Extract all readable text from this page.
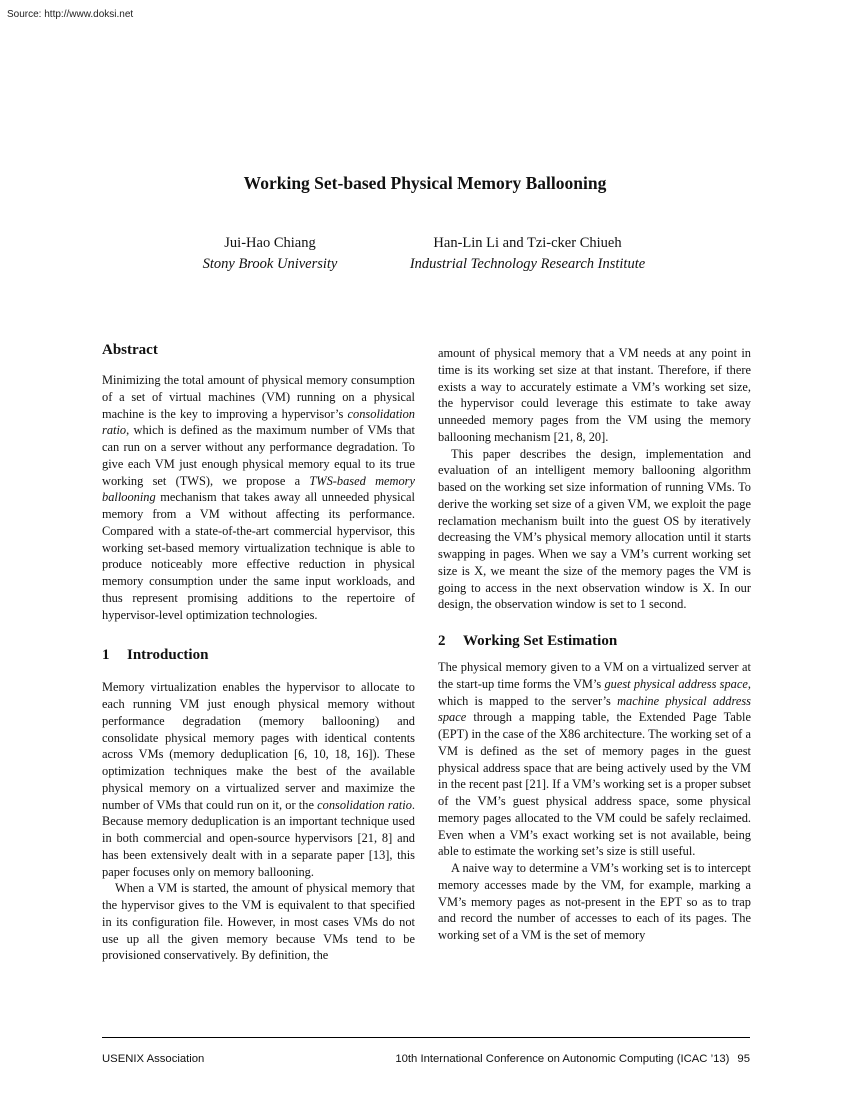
Source: http://www.doksi.net
Working Set-based Physical Memory Ballooning
Jui-Hao Chiang
Stony Brook University
Han-Lin Li and Tzi-cker Chiueh
Industrial Technology Research Institute
Abstract

Minimizing the total amount of physical memory consumption of a set of virtual machines (VM) running on a physical machine is the key to improving a hypervisor’s consolidation ratio, which is defined as the maximum number of VMs that can run on a server without any performance degradation. To give each VM just enough physical memory equal to its true working set (TWS), we propose a TWS-based memory ballooning mechanism that takes away all unneeded physical memory from a VM without affecting its performance. Compared with a state-of-the-art commercial hypervisor, this working set-based memory virtualization technique is able to produce noticeably more effective reduction in physical memory consumption under the same input workloads, and thus represent promising additions to the repertoire of hypervisor-level optimization technologies.

1 Introduction

Memory virtualization enables the hypervisor to allocate to each running VM just enough physical memory without performance degradation (memory ballooning) and consolidate physical memory pages with identical contents across VMs (memory deduplication [6, 10, 18, 16]). These optimization techniques make the best of the available physical memory on a virtualized server and maximize the number of VMs that could run on it, or the consolidation ratio. Because memory deduplication is an important technique used in both commercial and open-source hypervisors [21, 8] and has been extensively dealt with in a separate paper [13], this paper focuses only on memory ballooning.

When a VM is started, the amount of physical memory that the hypervisor gives to the VM is equivalent to that specified in its configuration file. However, in most cases VMs do not use up all the given memory because VMs tend to be provisioned conservatively. By definition, the

amount of physical memory that a VM needs at any point in time is its working set size at that instant. Therefore, if there exists a way to accurately estimate a VM’s working set size, the hypervisor could leverage this estimate to take away unneeded memory pages from the VM using the memory ballooning mechanism [21, 8, 20].

This paper describes the design, implementation and evaluation of an intelligent memory ballooning algorithm based on the working set size information of running VMs. To derive the working set size of a given VM, we exploit the page reclamation mechanism built into the guest OS by iteratively decreasing the VM’s physical memory allocation until it starts swapping in pages. When we say a VM’s current working set size is X, we meant the size of the memory pages the VM is going to access in the next observation window is X. In our design, the observation window is set to 1 second.

2 Working Set Estimation

The physical memory given to a VM on a virtualized server at the start-up time forms the VM’s guest physical address space, which is mapped to the server’s machine physical address space through a mapping table, the Extended Page Table (EPT) in the case of the X86 architecture. The working set of a VM is defined as the set of memory pages in the guest physical address space that are being actively used by the VM in the recent past [21]. If a VM’s working set is a proper subset of the VM’s guest physical address space, some physical memory pages allocated to the VM could be safely reclaimed. Even when a VM’s exact working set is not available, being able to estimate the working set’s size is still useful.

A naive way to determine a VM’s working set is to intercept memory accesses made by the VM, for example, marking a VM’s memory pages as not-present in the EPT so as to trap and record the number of accesses to each of its pages. The working set of a VM is the set of memory

USENIX Association	10th International Conference on Autonomic Computing (ICAC ’13) 95
